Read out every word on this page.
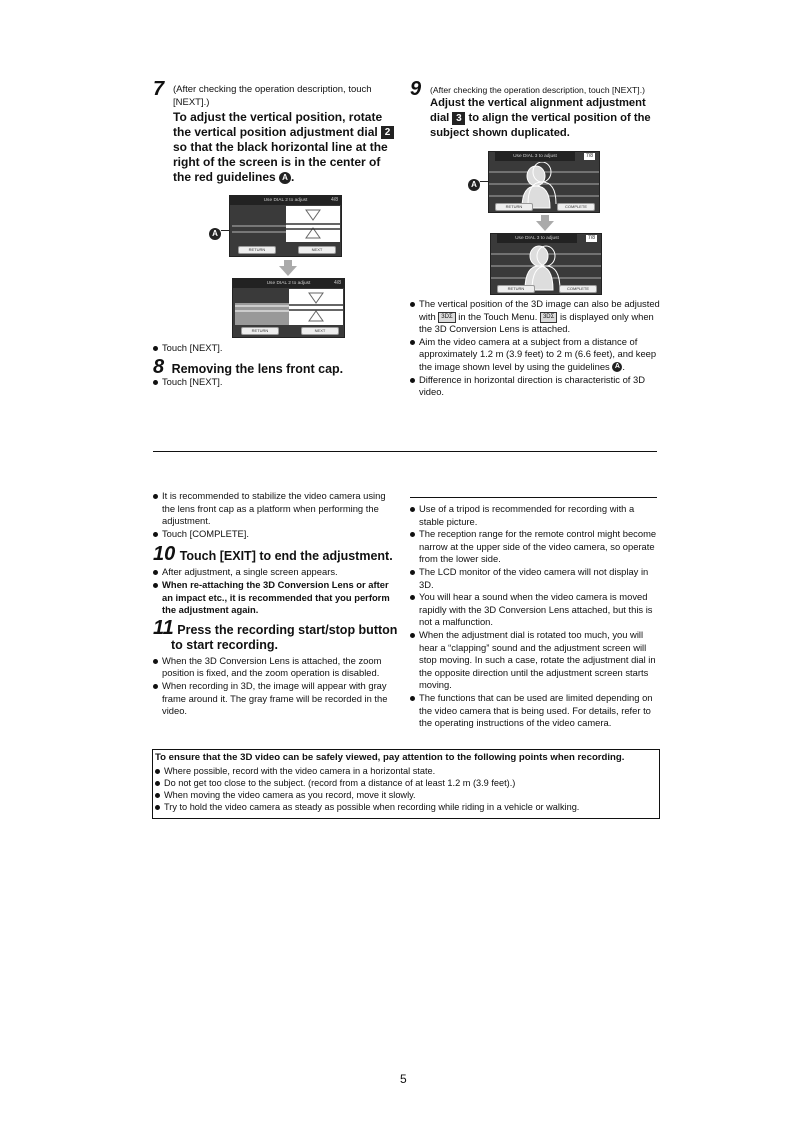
7 (After checking the operation description, touch [NEXT].)
To adjust the vertical position, rotate the vertical position adjustment dial 2 so that the black horizontal line at the right of the screen is in the center of the red guidelines A .
A
Use DIAL 2 to adjust	4/8
RETURN	NEXT
Use DIAL 2 to adjust	4/8
RETURN	NEXT
Touch [NEXT].
8 Removing the lens front cap.
Touch [NEXT].
9 (After checking the operation description, touch [NEXT].)
Adjust the vertical alignment adjustment dial 3 to align the vertical position of the subject shown duplicated.
A
Use DIAL 3 to adjust	7/8
RETURN	COMPLETE
Use DIAL 3 to adjust	7/8
RETURN	COMPLETE
The vertical position of the 3D image can also be adjusted with 3DΣ in the Touch Menu. 3DΣ is displayed only when the 3D Conversion Lens is attached.
Aim the video camera at a subject from a distance of approximately 1.2 m (3.9 feet) to 2 m (6.6 feet), and keep the image shown level by using the guidelines A .
Difference in horizontal direction is characteristic of 3D video.
It is recommended to stabilize the video camera using the lens front cap as a platform when performing the adjustment.
Touch [COMPLETE].
10 Touch [EXIT] to end the adjustment.
After adjustment, a single screen appears.
When re-attaching the 3D Conversion Lens or after an impact etc., it is recommended that you perform the adjustment again.
11 Press the recording start/stop button to start recording.
When the 3D Conversion Lens is attached, the zoom position is fixed, and the zoom operation is disabled.
When recording in 3D, the image will appear with gray frame around it. The gray frame will be recorded in the video.
Use of a tripod is recommended for recording with a stable picture.
The reception range for the remote control might become narrow at the upper side of the video camera, so operate from the lower side.
The LCD monitor of the video camera will not display in 3D.
You will hear a sound when the video camera is moved rapidly with the 3D Conversion Lens attached, but this is not a malfunction.
When the adjustment dial is rotated too much, you will hear a “clapping” sound and the adjustment screen will stop moving. In such a case, rotate the adjustment dial in the opposite direction until the adjustment screen starts moving.
The functions that can be used are limited depending on the video camera that is being used. For details, refer to the operating instructions of the video camera.
To ensure that the 3D video can be safely viewed, pay attention to the following points when recording.
Where possible, record with the video camera in a horizontal state.
Do not get too close to the subject. (record from a distance of at least 1.2 m (3.9 feet).)
When moving the video camera as you record, move it slowly.
Try to hold the video camera as steady as possible when recording while riding in a vehicle or walking.
5
